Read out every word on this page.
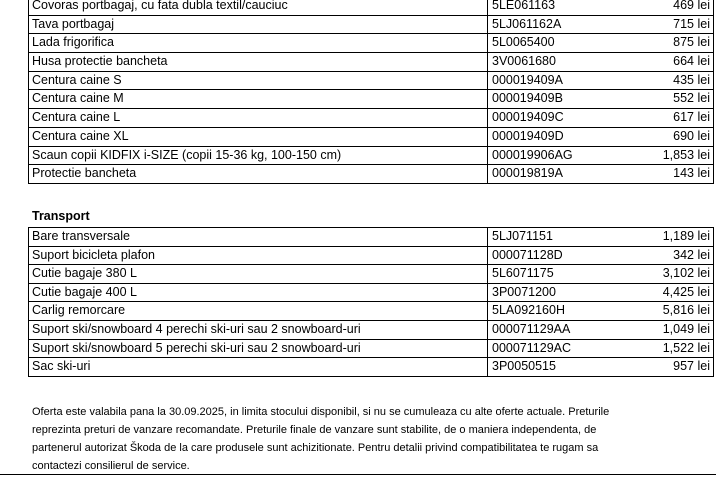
Covoras portbagaj, cu fata dubla textil/cauciuc	5LE061163	469 lei
Tava portbagaj	5LJ061162A	715 lei
Lada frigorifica	5L0065400	875 lei
Husa protectie bancheta	3V0061680	664 lei
Centura caine S	000019409A	435 lei
Centura caine M	000019409B	552 lei
Centura caine L	000019409C	617 lei
Centura caine XL	000019409D	690 lei
Scaun copii KIDFIX i-SIZE (copii 15-36 kg, 100-150 cm)	000019906AG	1,853 lei
Protectie bancheta	000019819A	143 lei
Transport
Bare transversale	5LJ071151	1,189 lei
Suport bicicleta plafon	000071128D	342 lei
Cutie bagaje 380 L	5L6071175	3,102 lei
Cutie bagaje 400 L	3P0071200	4,425 lei
Carlig remorcare	5LA092160H	5,816 lei
Suport ski/snowboard 4 perechi ski-uri sau 2 snowboard-uri	000071129AA	1,049 lei
Suport ski/snowboard 5 perechi ski-uri sau 2 snowboard-uri	000071129AC	1,522 lei
Sac ski-uri	3P0050515	957 lei
Oferta este valabila pana la 30.09.2025, in limita stocului disponibil, si nu se cumuleaza cu alte oferte actuale. Preturile
reprezinta preturi de vanzare recomandate. Preturile finale de vanzare sunt stabilite, de o maniera independenta, de
partenerul autorizat Škoda de la care produsele sunt achizitionate. Pentru detalii privind compatibilitatea te rugam sa
contactezi consilierul de service.
